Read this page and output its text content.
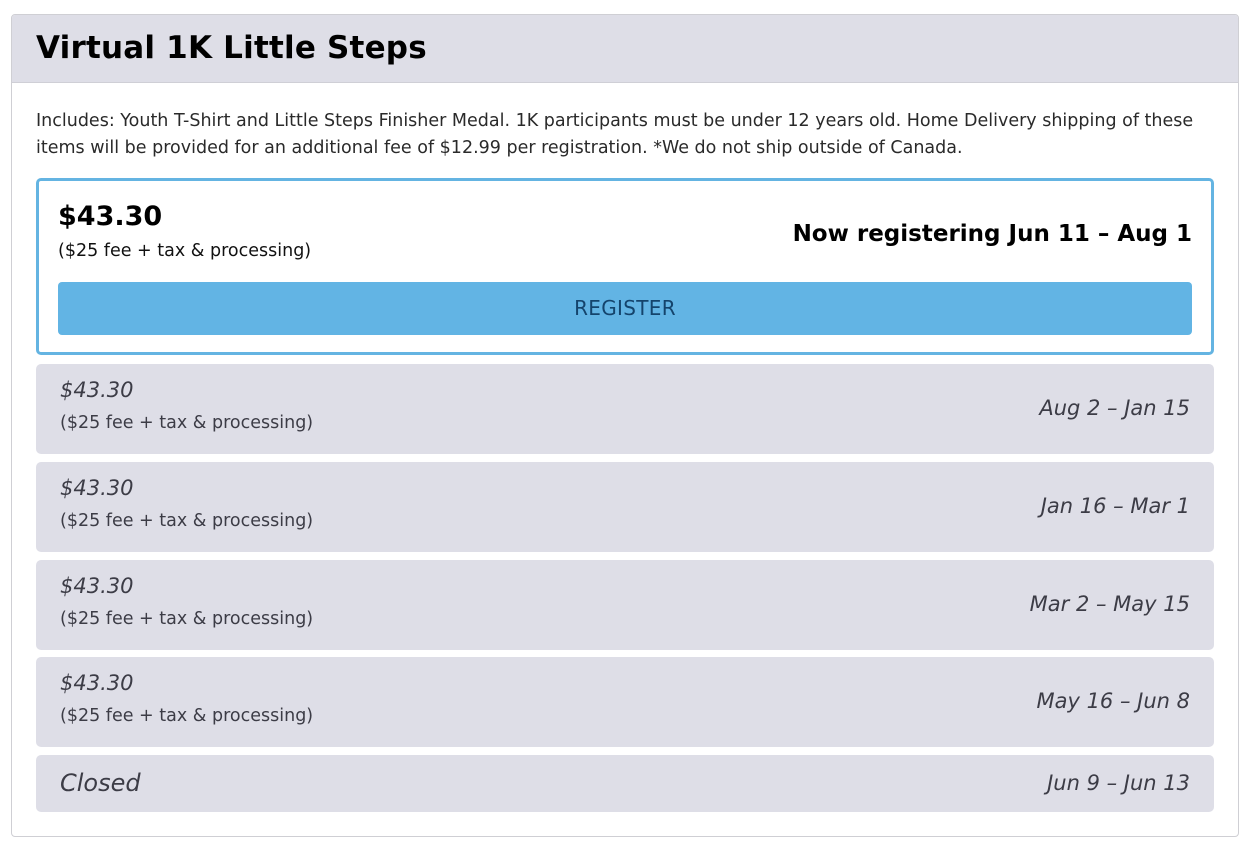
Virtual 1K Little Steps

Includes: Youth T-Shirt and Little Steps Finisher Medal. 1K participants must be under 12 years old. Home Delivery shipping of these items will be provided for an additional fee of $12.99 per registration. *We do not ship outside of Canada.

$43.30
($25 fee + tax & processing)
Now registering Jun 11 – Aug 1
REGISTER
$43.30
($25 fee + tax & processing)
Aug 2 – Jan 15
$43.30
($25 fee + tax & processing)
Jan 16 – Mar 1
$43.30
($25 fee + tax & processing)
Mar 2 – May 15
$43.30
($25 fee + tax & processing)
May 16 – Jun 8
Closed	Jun 9 – Jun 13
